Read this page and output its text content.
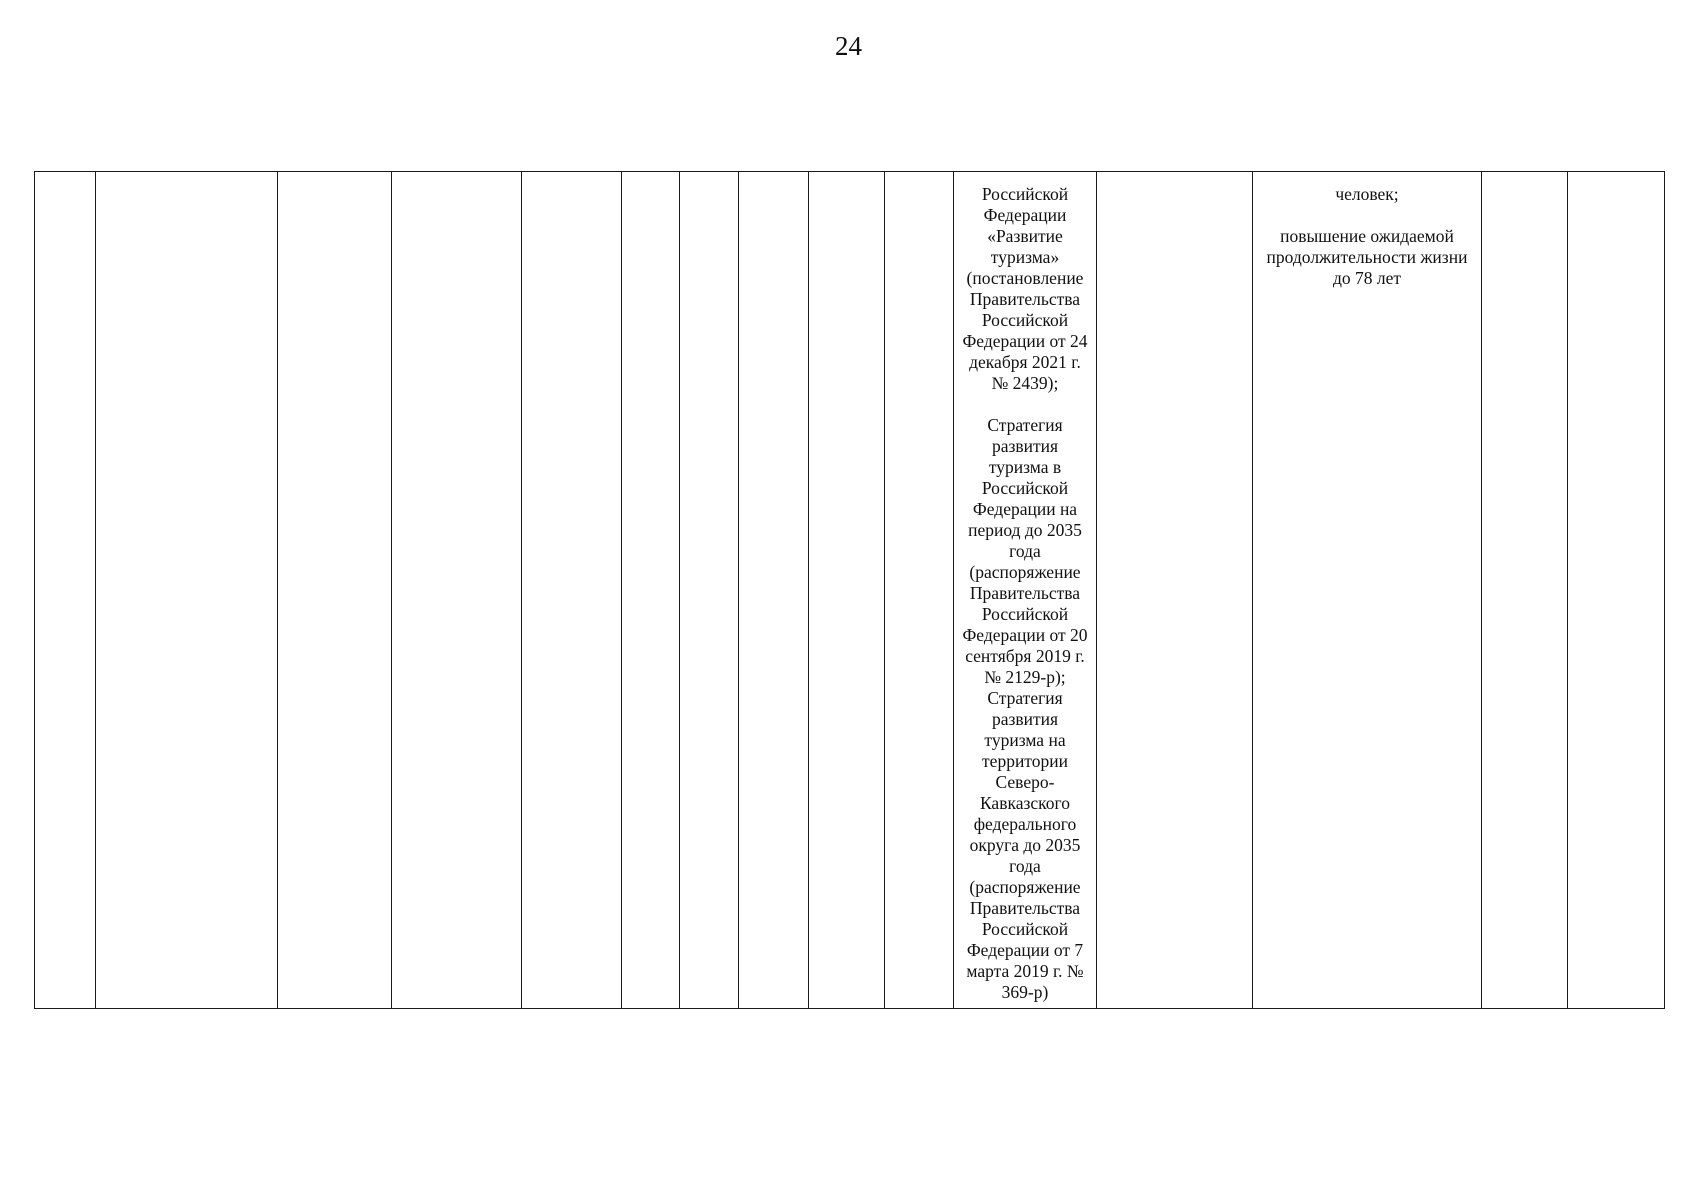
24
										Российской
Федерации
«Развитие
туризма»
(постановление
Правительства
Российской
Федерации от 24
декабря 2021 г.
№ 2439);

Стратегия
развития
туризма в
Российской
Федерации на
период до 2035
года
(распоряжение
Правительства
Российской
Федерации от 20
сентября 2019 г.
№ 2129-р);
Стратегия
развития
туризма на
территории
Северо-
Кавказского
федерального
округа до 2035
года
(распоряжение
Правительства
Российской
Федерации от 7
марта 2019 г. №
369-р)		человек;

повышение ожидаемой
продолжительности жизни
до 78 лет		
